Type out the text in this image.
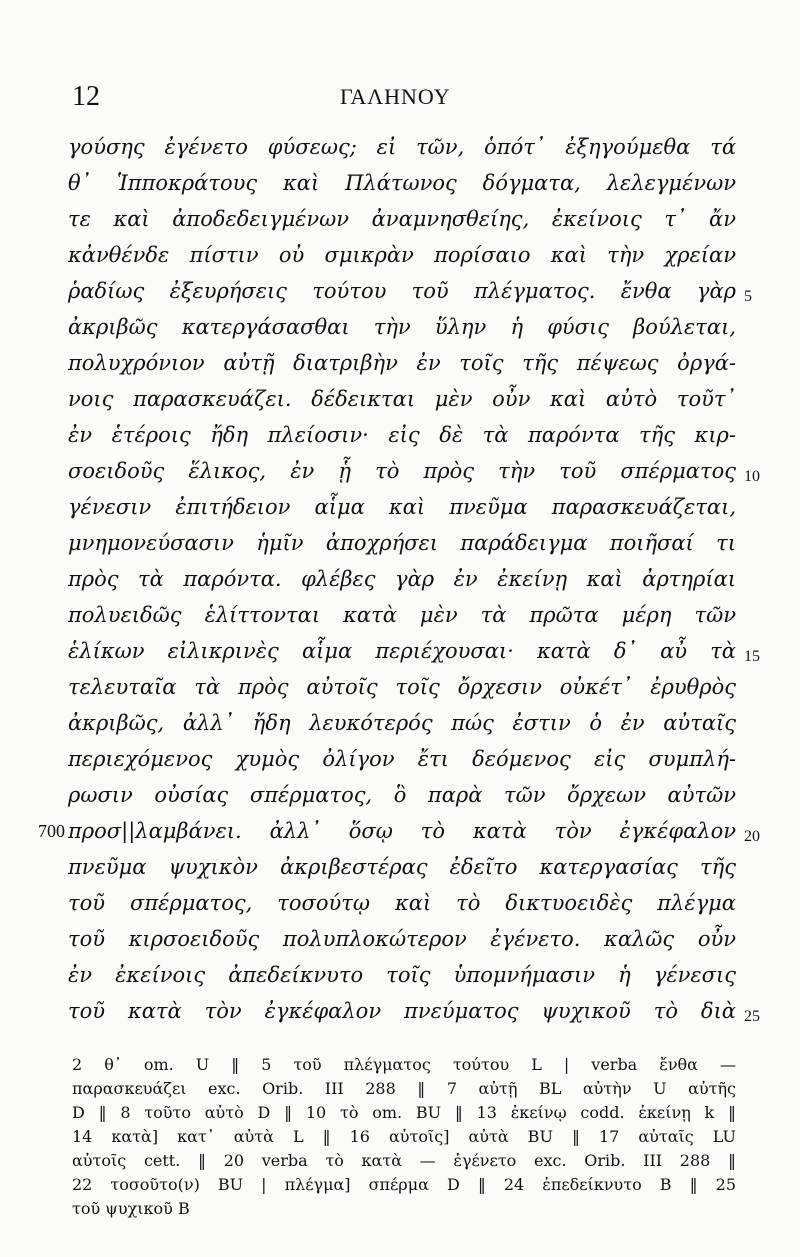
12	ΓΑΛΗΝΟΥ
γούσης ἐγένετο φύσεως; εἰ τῶν, ὁπότ᾽ ἐξηγούμεθα τά
θ᾽ Ἱπποκράτους καὶ Πλάτωνος δόγματα, λελεγμένων
τε καὶ ἀποδεδειγμένων ἀναμνησθείης, ἐκείνοις τ᾽ ἄν
κἀνθένδε πίστιν οὐ σμικρὰν πορίσαιο καὶ τὴν χρείαν
ῥαδίως ἐξευρήσεις τούτου τοῦ πλέγματος. ἔνθα γὰρ
ἀκριβῶς κατεργάσασθαι τὴν ὕλην ἡ φύσις βούλεται,
πολυχρόνιον αὐτῇ διατριβὴν ἐν τοῖς τῆς πέψεως ὀργά-
νοις παρασκευάζει. δέδεικται μὲν οὖν καὶ αὐτὸ τοῦτ᾽
ἐν ἑτέροις ἤδη πλείοσιν· εἰς δὲ τὰ παρόντα τῆς κιρ-
σοειδοῦς ἕλικος, ἐν ᾗ τὸ πρὸς τὴν τοῦ σπέρματος
γένεσιν ἐπιτήδειον αἷμα καὶ πνεῦμα παρασκευάζεται,
μνημονεύσασιν ἡμῖν ἀποχρήσει παράδειγμα ποιῆσαί τι
πρὸς τὰ παρόντα. φλέβες γὰρ ἐν ἐκείνῃ καὶ ἀρτηρίαι
πολυειδῶς ἑλίττονται κατὰ μὲν τὰ πρῶτα μέρη τῶν
ἑλίκων εἰλικρινὲς αἷμα περιέχουσαι· κατὰ δ᾽ αὖ τὰ
τελευταῖα τὰ πρὸς αὐτοῖς τοῖς ὄρχεσιν οὐκέτ᾽ ἐρυθρὸς
ἀκριβῶς, ἀλλ᾽ ἤδη λευκότερός πώς ἐστιν ὁ ἐν αὐταῖς
περιεχόμενος χυμὸς ὀλίγον ἔτι δεόμενος εἰς συμπλή-
ρωσιν οὐσίας σπέρματος, ὃ παρὰ τῶν ὄρχεων αὐτῶν
προσ||λαμβάνει. ἀλλ᾽ ὅσῳ τὸ κατὰ τὸν ἐγκέφαλον
πνεῦμα ψυχικὸν ἀκριβεστέρας ἐδεῖτο κατεργασίας τῆς
τοῦ σπέρματος, τοσούτῳ καὶ τὸ δικτυοειδὲς πλέγμα
τοῦ κιρσοειδοῦς πολυπλοκώτερον ἐγένετο. καλῶς οὖν
ἐν ἐκείνοις ἀπεδείκνυτο τοῖς ὑπομνήμασιν ἡ γένεσις
τοῦ κατὰ τὸν ἐγκέφαλον πνεύματος ψυχικοῦ τὸ διὰ
5
10
15
20
25
700
2 θ᾽ om. U ‖ 5 τοῦ πλέγματος τούτου L | verba ἔνθα —
παρασκευάζει exc. Orib. III 288 ‖ 7 αὐτῇ BL αὐτὴν U αὐτῆς
D ‖ 8 τοῦτο αὐτὸ D ‖ 10 τὸ om. BU ‖ 13 ἐκείνῳ codd. ἐκείνῃ k ‖
14 κατὰ] κατ᾽ αὐτὰ L ‖ 16 αὐτοῖς] αὐτὰ BU ‖ 17 αὐταῖς LU
αὐτοῖς cett. ‖ 20 verba τὸ κατὰ — ἐγένετο exc. Orib. III 288 ‖
22 τοσοῦτο(ν) BU | πλέγμα] σπέρμα D ‖ 24 ἐπεδείκνυτο B ‖ 25
τοῦ ψυχικοῦ B
